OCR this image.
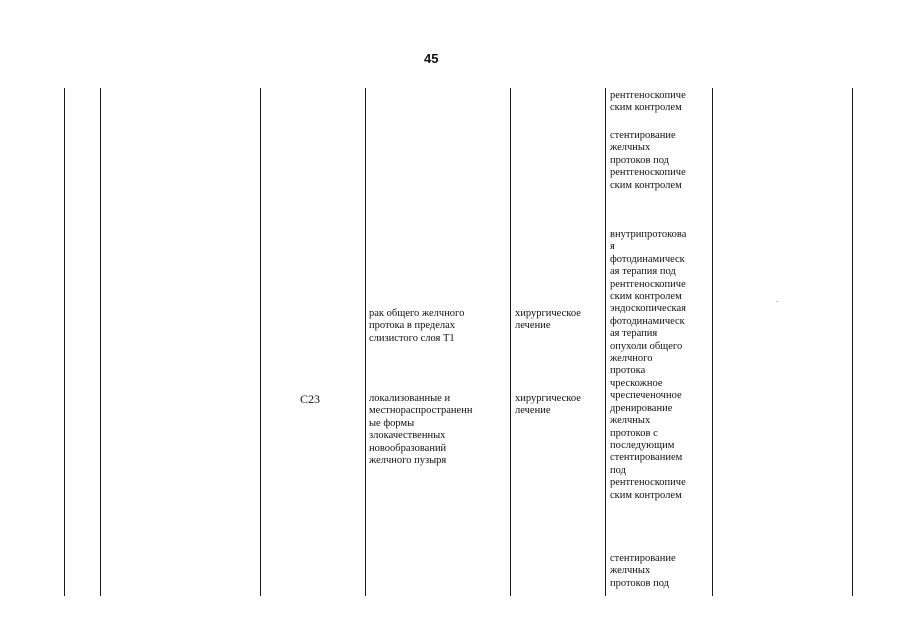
45
C23

рак общего желчного
протока в пределах
слизистого слоя Т1

хирургическое
лечение

локализованные и
местнораспространенн
ые формы
злокачественных
новообразований
желчного пузыря

хирургическое
лечение

рентгеноскопиче
ским контролем

стентирование
желчных
протоков под
рентгеноскопиче
ским контролем

внутрипротокова
я
фотодинамическ
ая терапия под
рентгеноскопиче
ским контролем
эндоскопическая
фотодинамическ
ая терапия
опухоли общего
желчного
протока
чрескожное
чреспеченочное
дренирование
желчных
протоков с
последующим
стентированием
под
рентгеноскопиче
ским контролем

стентирование
желчных
протоков под
